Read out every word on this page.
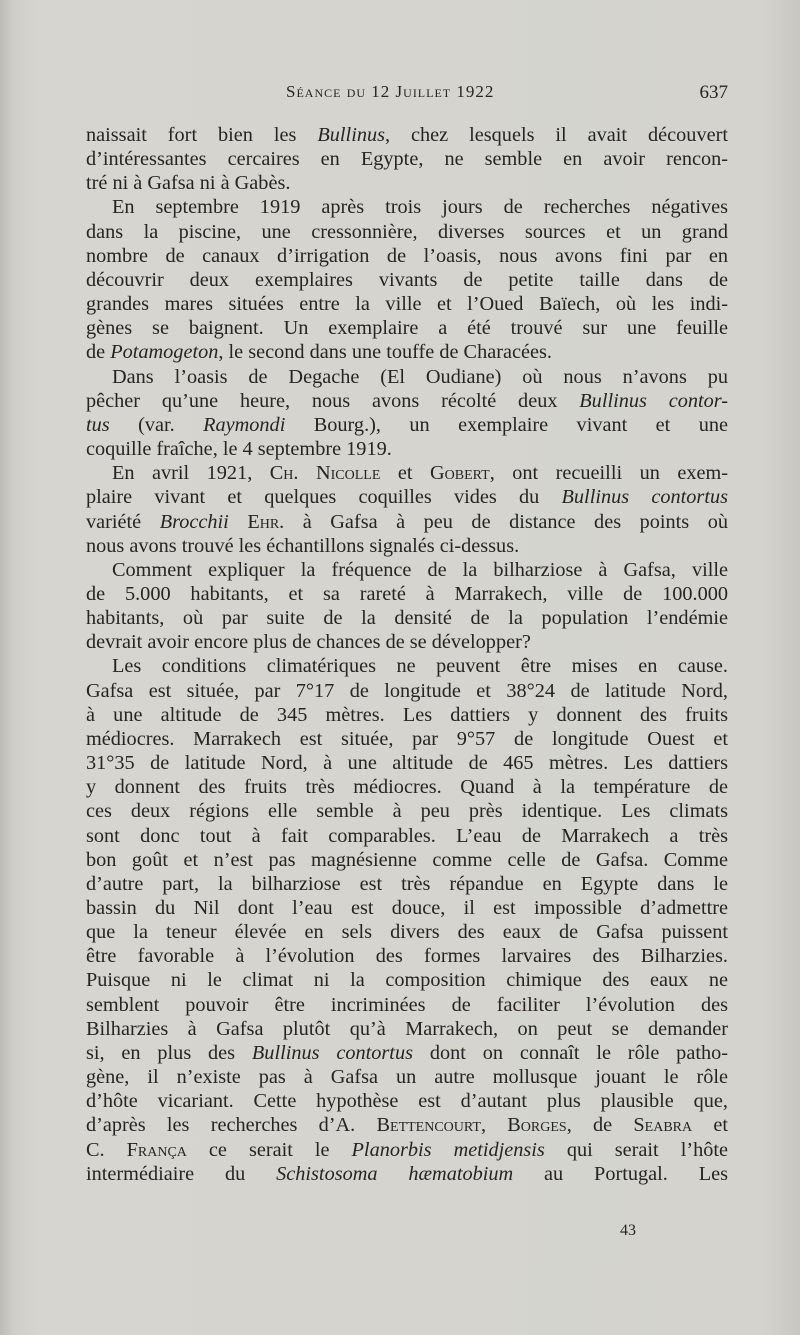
Séance du 12 Juillet 1922	637

naissait fort bien les Bullinus, chez lesquels il avait découvert
d’intéressantes cercaires en Egypte, ne semble en avoir rencon-
tré ni à Gafsa ni à Gabès.

En septembre 1919 après trois jours de recherches négatives
dans la piscine, une cressonnière, diverses sources et un grand
nombre de canaux d’irrigation de l’oasis, nous avons fini par en
découvrir deux exemplaires vivants de petite taille dans de
grandes mares situées entre la ville et l’Oued Baïech, où les indi-
gènes se baignent. Un exemplaire a été trouvé sur une feuille
de Potamogeton, le second dans une touffe de Characées.

Dans l’oasis de Degache (El Oudiane) où nous n’avons pu
pêcher qu’une heure, nous avons récolté deux Bullinus contor-
tus (var. Raymondi Bourg.), un exemplaire vivant et une
coquille fraîche, le 4 septembre 1919.

En avril 1921, Ch. Nicolle et Gobert, ont recueilli un exem-
plaire vivant et quelques coquilles vides du Bullinus contortus
variété Brocchii Ehr. à Gafsa à peu de distance des points où
nous avons trouvé les échantillons signalés ci-dessus.

Comment expliquer la fréquence de la bilharziose à Gafsa, ville
de 5.000 habitants, et sa rareté à Marrakech, ville de 100.000
habitants, où par suite de la densité de la population l’endémie
devrait avoir encore plus de chances de se développer?

Les conditions climatériques ne peuvent être mises en cause.
Gafsa est située, par 7°17 de longitude et 38°24 de latitude Nord,
à une altitude de 345 mètres. Les dattiers y donnent des fruits
médiocres. Marrakech est située, par 9°57 de longitude Ouest et
31°35 de latitude Nord, à une altitude de 465 mètres. Les dattiers
y donnent des fruits très médiocres. Quand à la température de
ces deux régions elle semble à peu près identique. Les climats
sont donc tout à fait comparables. L’eau de Marrakech a très
bon goût et n’est pas magnésienne comme celle de Gafsa. Comme
d’autre part, la bilharziose est très répandue en Egypte dans le
bassin du Nil dont l’eau est douce, il est impossible d’admettre
que la teneur élevée en sels divers des eaux de Gafsa puissent
être favorable à l’évolution des formes larvaires des Bilharzies.
Puisque ni le climat ni la composition chimique des eaux ne
semblent pouvoir être incriminées de faciliter l’évolution des
Bilharzies à Gafsa plutôt qu’à Marrakech, on peut se demander
si, en plus des Bullinus contortus dont on connaît le rôle patho-
gène, il n’existe pas à Gafsa un autre mollusque jouant le rôle
d’hôte vicariant. Cette hypothèse est d’autant plus plausible que,
d’après les recherches d’A. Bettencourt, Borges, de Seabra et
C. França ce serait le Planorbis metidjensis qui serait l’hôte
intermédiaire du Schistosoma hæmatobium au Portugal. Les

43
